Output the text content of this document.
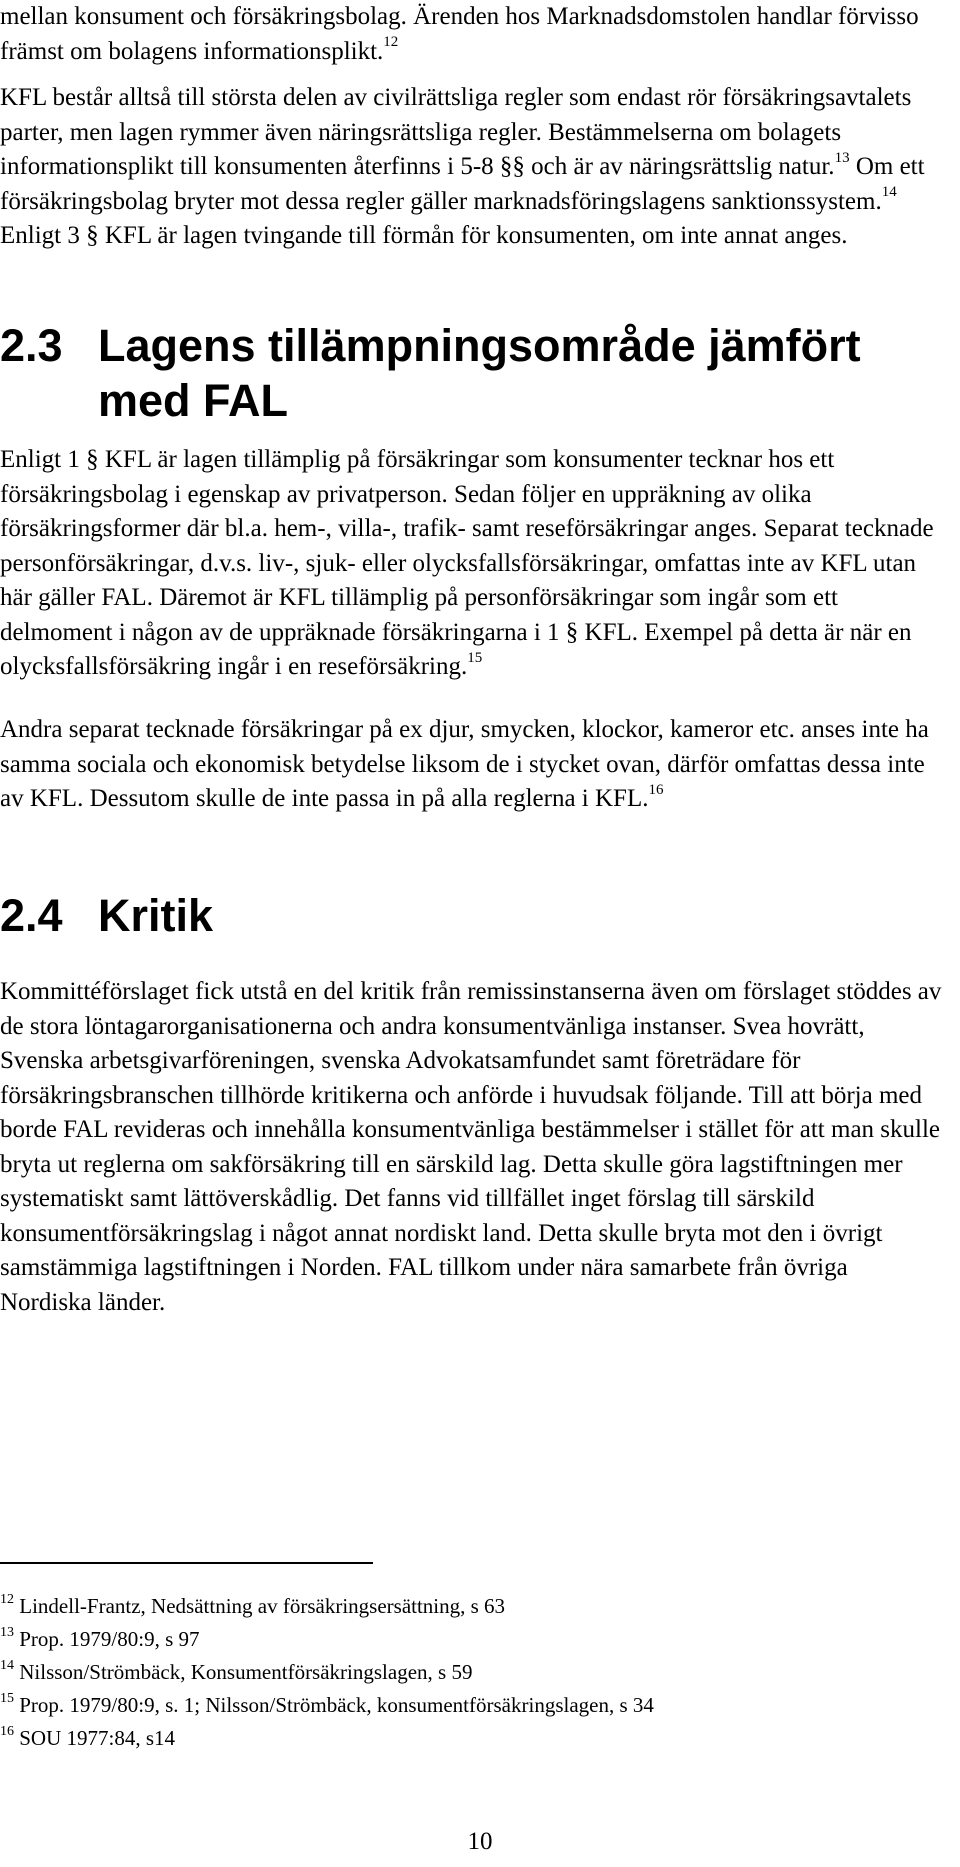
mellan konsument och försäkringsbolag. Ärenden hos Marknadsdomstolen handlar förvisso främst om bolagens informationsplikt.$^{12}$

KFL består alltså till största delen av civilrättsliga regler som endast rör försäkringsavtalets parter, men lagen rymmer även näringsrättsliga regler. Bestämmelserna om bolagets informationsplikt till konsumenten återfinns i 5-8 §§ och är av näringsrättslig natur.$^{13}$ Om ett försäkringsbolag bryter mot dessa regler gäller marknadsföringslagens sanktionssystem.$^{14}$ Enligt 3 § KFL är lagen tvingande till förmån för konsumenten, om inte annat anges.

2.3 Lagens tillämpningsområde jämfört
med FAL

Enligt 1 § KFL är lagen tillämplig på försäkringar som konsumenter tecknar hos ett försäkringsbolag i egenskap av privatperson. Sedan följer en uppräkning av olika försäkringsformer där bl.a. hem-, villa-, trafik- samt reseförsäkringar anges. Separat tecknade personförsäkringar, d.v.s. liv-, sjuk- eller olycksfallsförsäkringar, omfattas inte av KFL utan här gäller FAL. Däremot är KFL tillämplig på personförsäkringar som ingår som ett delmoment i någon av de uppräknade försäkringarna i 1 § KFL. Exempel på detta är när en olycksfallsförsäkring ingår i en reseförsäkring.$^{15}$

Andra separat tecknade försäkringar på ex djur, smycken, klockor, kameror etc. anses inte ha samma sociala och ekonomisk betydelse liksom de i stycket ovan, därför omfattas dessa inte av KFL. Dessutom skulle de inte passa in på alla reglerna i KFL.$^{16}$

2.4 Kritik

Kommittéförslaget fick utstå en del kritik från remissinstanserna även om förslaget stöddes av de stora löntagarorganisationerna och andra konsumentvänliga instanser. Svea hovrätt, Svenska arbetsgivarföreningen, svenska Advokatsamfundet samt företrädare för försäkringsbranschen tillhörde kritikerna och anförde i huvudsak följande. Till att börja med borde FAL revideras och innehålla konsumentvänliga bestämmelser i stället för att man skulle bryta ut reglerna om sakförsäkring till en särskild lag. Detta skulle göra lagstiftningen mer systematiskt samt lättöverskådlig. Det fanns vid tillfället inget förslag till särskild konsumentförsäkringslag i något annat nordiskt land. Detta skulle bryta mot den i övrigt samstämmiga lagstiftningen i Norden. FAL tillkom under nära samarbete från övriga Nordiska länder.

$^{12}$ Lindell-Frantz, Nedsättning av försäkringsersättning, s 63

$^{13}$ Prop. 1979/80:9, s 97

$^{14}$ Nilsson/Strömbäck, Konsumentförsäkringslagen, s 59

$^{15}$ Prop. 1979/80:9, s. 1; Nilsson/Strömbäck, konsumentförsäkringslagen, s 34

$^{16}$ SOU 1977:84, s14

10
